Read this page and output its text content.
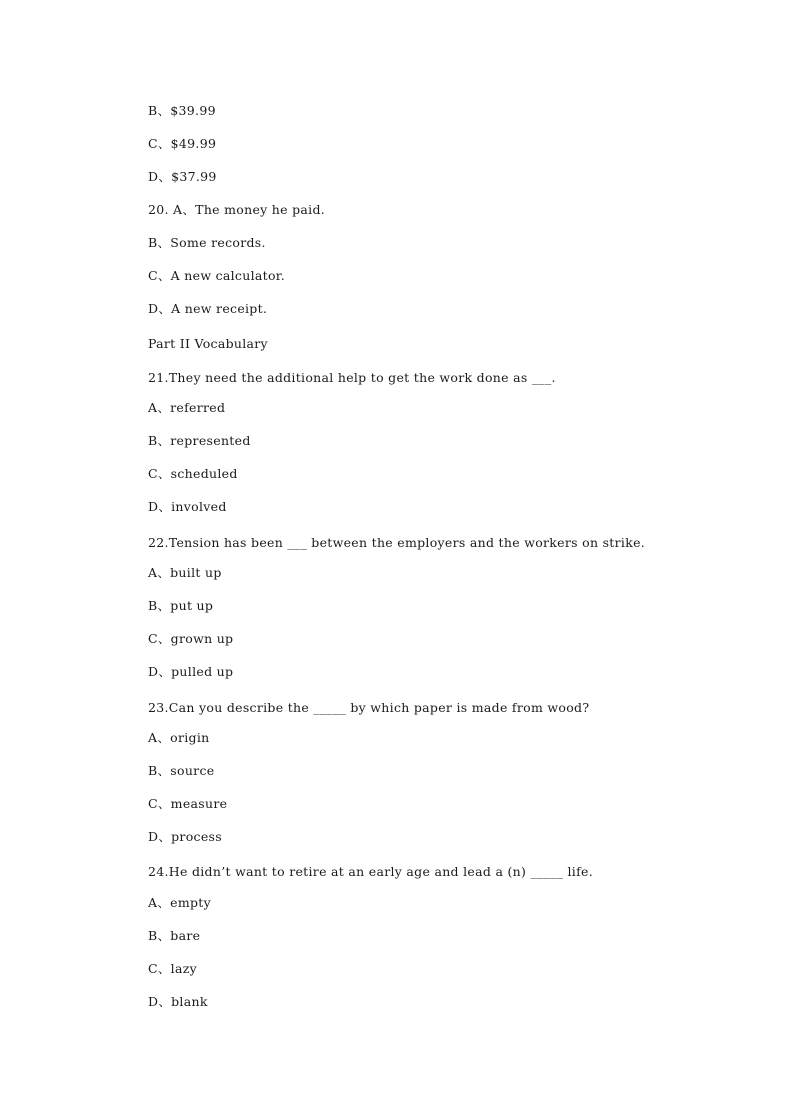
B、$39.99
C、$49.99
D、$37.99
20. A、The money he paid.
B、Some records.
C、A new calculator.
D、A new receipt.
Part II Vocabulary
21.They need the additional help to get the work done as ___.
A、referred
B、represented
C、scheduled
D、involved
22.Tension has been ___ between the employers and the workers on strike.
A、built up
B、put up
C、grown up
D、pulled up
23.Can you describe the _____ by which paper is made from wood?
A、origin
B、source
C、measure
D、process
24.He didn’t want to retire at an early age and lead a (n) _____ life.
A、empty
B、bare
C、lazy
D、blank
